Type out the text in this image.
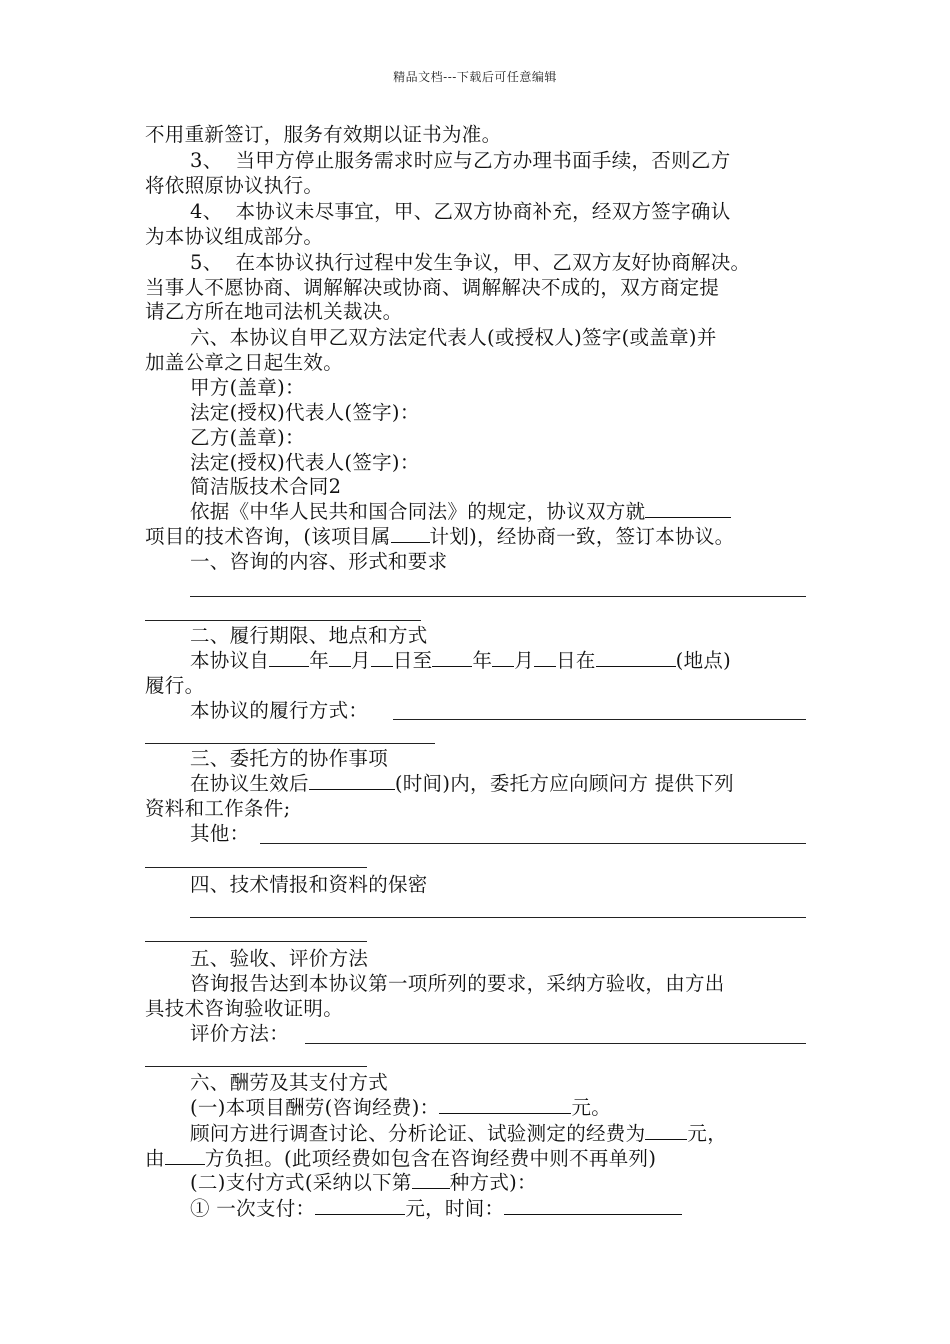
精品文档---下载后可任意编辑
不用重新签订，服务有效期以证书为准。
3、  当甲方停止服务需求时应与乙方办理书面手续，否则乙方
将依照原协议执行。
4、  本协议未尽事宜，甲、乙双方协商补充，经双方签字确认
为本协议组成部分。
5、  在本协议执行过程中发生争议，甲、乙双方友好协商解决。
当事人不愿协商、调解解决或协商、调解解决不成的，双方商定提
请乙方所在地司法机关裁决。
六、本协议自甲乙双方法定代表人(或授权人)签字(或盖章)并
加盖公章之日起生效。
甲方(盖章)：
法定(授权)代表人(签字)：
乙方(盖章)：
法定(授权)代表人(签字)：
简洁版技术合同2
依据《中华人民共和国合同法》的规定，协议双方就
项目的技术咨询，(该项目属 计划)，经协商一致，签订本协议。
一、咨询的内容、形式和要求
二、履行期限、地点和方式
本协议自 年 月 日至 年 月 日在	(地点)
履行。
本协议的履行方式：
三、委托方的协作事项
在协议生效后	(时间)内，委托方应向顾问方 提供下列
资料和工作条件;
其他：
四、技术情报和资料的保密
五、验收、评价方法
咨询报告达到本协议第一项所列的要求，采纳方验收，由方出
具技术咨询验收证明。
评价方法：
六、酬劳及其支付方式
(一)本项目酬劳(咨询经费)：	元。
顾问方进行调查讨论、分析论证、试验测定的经费为 元，
由 方负担。(此项经费如包含在咨询经费中则不再单列)
(二)支付方式(采纳以下第 种方式)：
① 一次支付：	元，时间：
